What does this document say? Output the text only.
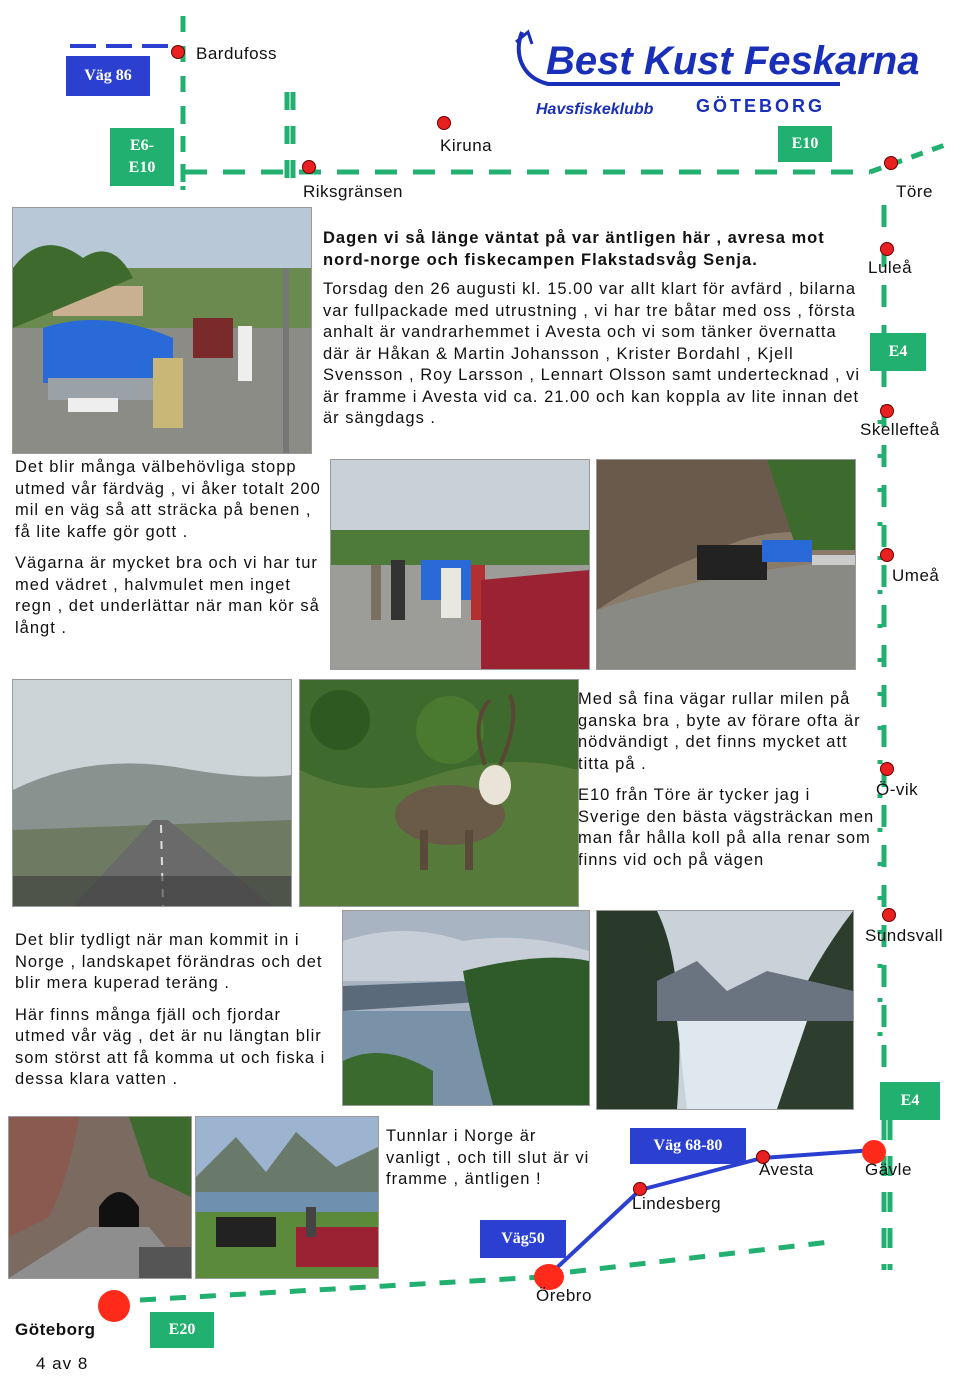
Best Kust Feskarna
Havsfiskeklubb GÖTEBORG
Väg 86
E6-
E10
E10
E4
E4
Väg 68-80
Väg50
E20
Bardufoss
Kiruna
Riksgränsen	Töre
Luleå
Skellefteå
Umeå
Ö-vik
Sundsvall
Gävle
Avesta
Lindesberg
Örebro
Göteborg

Dagen vi så länge väntat på var äntligen här , avresa mot nord-norge och fiskecampen Flakstadsvåg Senja.

Torsdag den 26 augusti kl. 15.00 var allt klart för avfärd , bilarna var fullpackade med utrustning , vi har tre båtar med oss , första anhalt är vandrarhemmet i Avesta och vi som tänker övernatta där är Håkan & Martin Johansson , Krister Bordahl , Kjell Svensson , Roy Larsson , Lennart Olsson samt undertecknad , vi är framme i Avesta vid ca. 21.00 och kan koppla av lite innan det är sängdags .

Det blir många välbehövliga stopp utmed vår färdväg , vi åker totalt 200 mil en väg så att sträcka på benen , få lite kaffe gör gott .

Vägarna är mycket bra och vi har tur med vädret , halvmulet men inget regn , det underlättar när man kör så långt .

Med så fina vägar rullar milen på ganska bra , byte av förare ofta är nödvändigt , det finns mycket att titta på .

E10 från Töre är tycker jag i Sverige den bästa vägsträckan men man får hålla koll på alla renar som finns vid och på vägen

Det blir tydligt när man kommit in i Norge , landskapet förändras och det blir mera kuperad teräng .

Här finns många fjäll och fjordar utmed vår väg , det är nu längtan blir som störst att få komma ut och fiska i dessa klara vatten .

Tunnlar i Norge är vanligt , och till slut är vi framme , äntligen !

4 av 8
